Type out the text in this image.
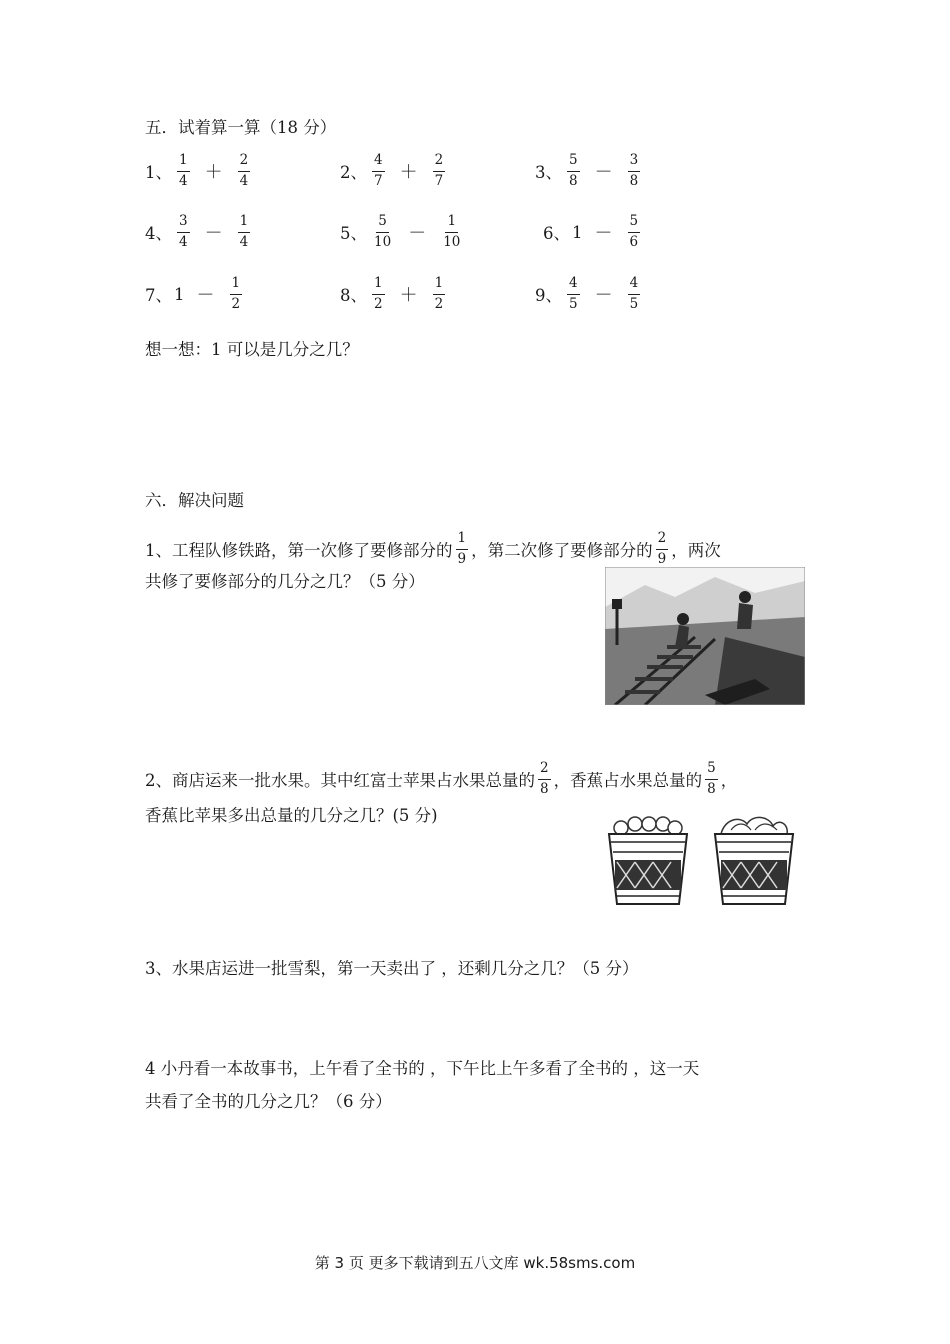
五．试着算一算（18 分）
1、 $\frac{1}{4} + \frac{2}{4}$	2、 $\frac{4}{7} + \frac{2}{7}$	3、 $\frac{5}{8} - \frac{3}{8}$
4、 $\frac{3}{4} - \frac{1}{4}$	5、 $\frac{5}{10} - \frac{1}{10}$	6、 $1 - \frac{5}{6}$
7、 $1 - \frac{1}{2}$	8、 $\frac{1}{2} + \frac{1}{2}$	9、 $\frac{4}{5} - \frac{4}{5}$
想一想：1 可以是几分之几？
六．解决问题
1、工程队修铁路，第一次修了要修部分的 $\frac{1}{9}$ ，第二次修了要修部分的 $\frac{2}{9}$ ，两次
共修了要修部分的几分之几？（5 分）
2、商店运来一批水果。其中红富士苹果占水果总量的 $\frac{2}{8}$ ，香蕉占水果总量的 $\frac{5}{8}$ ，
香蕉比苹果多出总量的几分之几？(5 分)
3、水果店运进一批雪梨，第一天卖出了 ，还剩几分之几？（5 分）
4 小丹看一本故事书，上午看了全书的 ，下午比上午多看了全书的 ，这一天
共看了全书的几分之几？（6 分）
第 3 页 更多下载请到五八文库 wk.58sms.com
